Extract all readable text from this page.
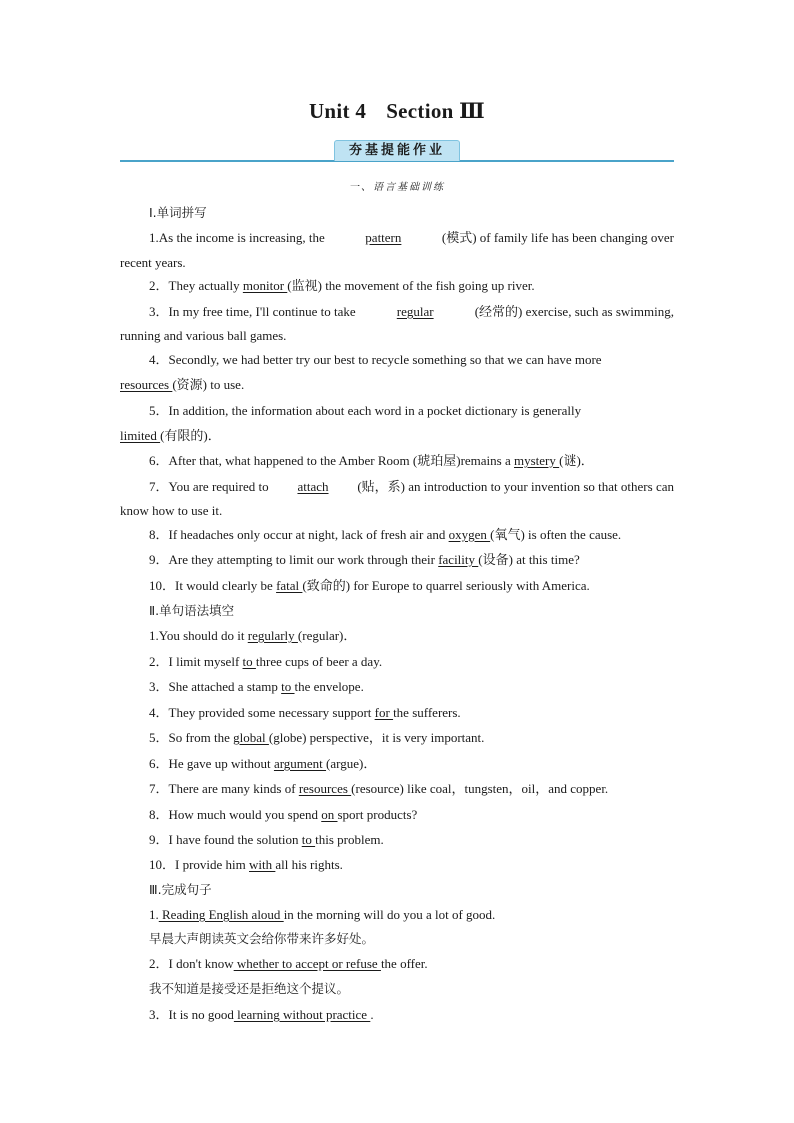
Unit 4 Section Ⅲ
夯基提能作业
一、语言基础训练
Ⅰ.单词拼写
1.As the income is increasing, the	pattern	(模式) of family life has been changing over
recent years.
2．They actually monitor (监视) the movement of the fish going up river.
3．In my free time, I'll continue to take	regular	(经常的) exercise, such as swimming,
running and various ball games.
4．Secondly, we had better try our best to recycle something so that we can have more
resources (资源) to use.
5．In addition, the information about each word in a pocket dictionary is generally
limited (有限的)．
6．After that, what happened to the Amber Room (琥珀屋)remains a mystery (谜)．
7．You are required to attach (贴，系) an introduction to your invention so that others can
know how to use it.
8．If headaches only occur at night, lack of fresh air and oxygen (氧气) is often the cause.
9．Are they attempting to limit our work through their facility (设备) at this time?
10．It would clearly be fatal (致命的) for Europe to quarrel seriously with America.
Ⅱ.单句语法填空
1.You should do it regularly (regular)．
2．I limit myself to three cups of beer a day.
3．She attached a stamp to the envelope.
4．They provided some necessary support for the sufferers.
5．So from the global (globe) perspective，it is very important.
6．He gave up without argument (argue)．
7．There are many kinds of resources (resource) like coal，tungsten，oil，and copper.
8．How much would you spend on sport products?
9．I have found the solution to this problem.
10．I provide him with all his rights.
Ⅲ.完成句子
1. Reading English aloud in the morning will do you a lot of good.
早晨大声朗读英文会给你带来许多好处。
2．I don't know whether to accept or refuse the offer.
我不知道是接受还是拒绝这个提议。
3．It is no good learning without practice .
